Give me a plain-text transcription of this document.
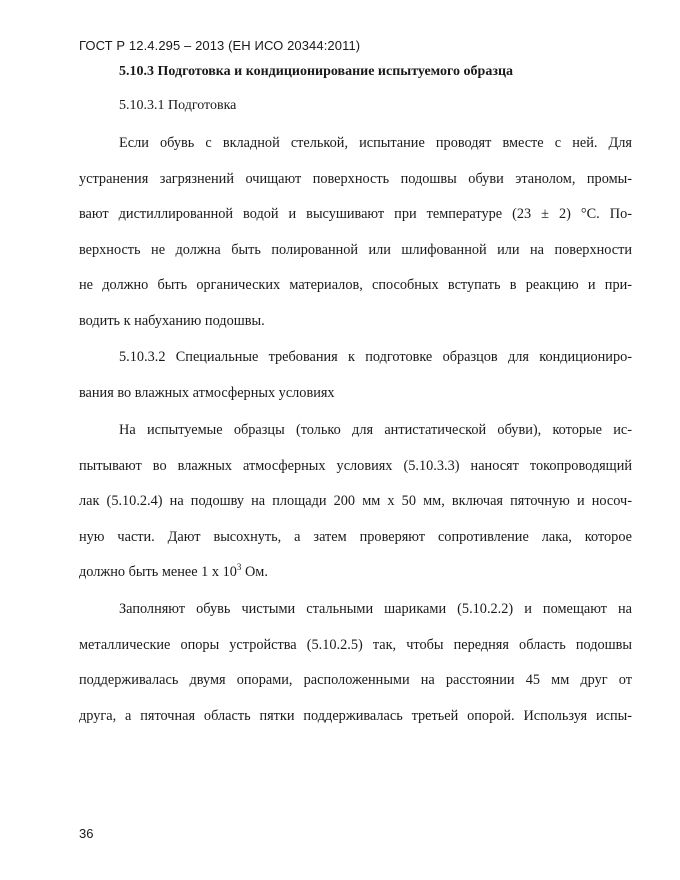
ГОСТ Р 12.4.295 – 2013 (ЕН ИСО 20344:2011)
5.10.3 Подготовка и кондиционирование испытуемого образца
5.10.3.1 Подготовка
Если обувь с вкладной стелькой, испытание проводят вместе с ней. Для
устранения загрязнений очищают поверхность подошвы обуви этанолом, промы-
вают дистиллированной водой и высушивают при температуре (23 ± 2) °С. По-
верхность не должна быть полированной или шлифованной или на поверхности
не должно быть органических материалов, способных вступать в реакцию и при-
водить к набуханию подошвы.
5.10.3.2 Специальные требования к подготовке образцов для кондициониро-
вания во влажных атмосферных условиях
На испытуемые образцы (только для антистатической обуви), которые ис-
пытывают во влажных атмосферных условиях (5.10.3.3) наносят токопроводящий
лак (5.10.2.4) на подошву на площади 200 мм х 50 мм, включая пяточную и носоч-
ную части. Дают высохнуть, а затем проверяют сопротивление лака, которое
должно быть менее 1 х $10^3$ Ом.
Заполняют обувь чистыми стальными шариками (5.10.2.2) и помещают на
металлические опоры устройства (5.10.2.5) так, чтобы передняя область подошвы
поддерживалась двумя опорами, расположенными на расстоянии 45 мм друг от
друга, а пяточная область пятки поддерживалась третьей опорой. Используя испы-
36
